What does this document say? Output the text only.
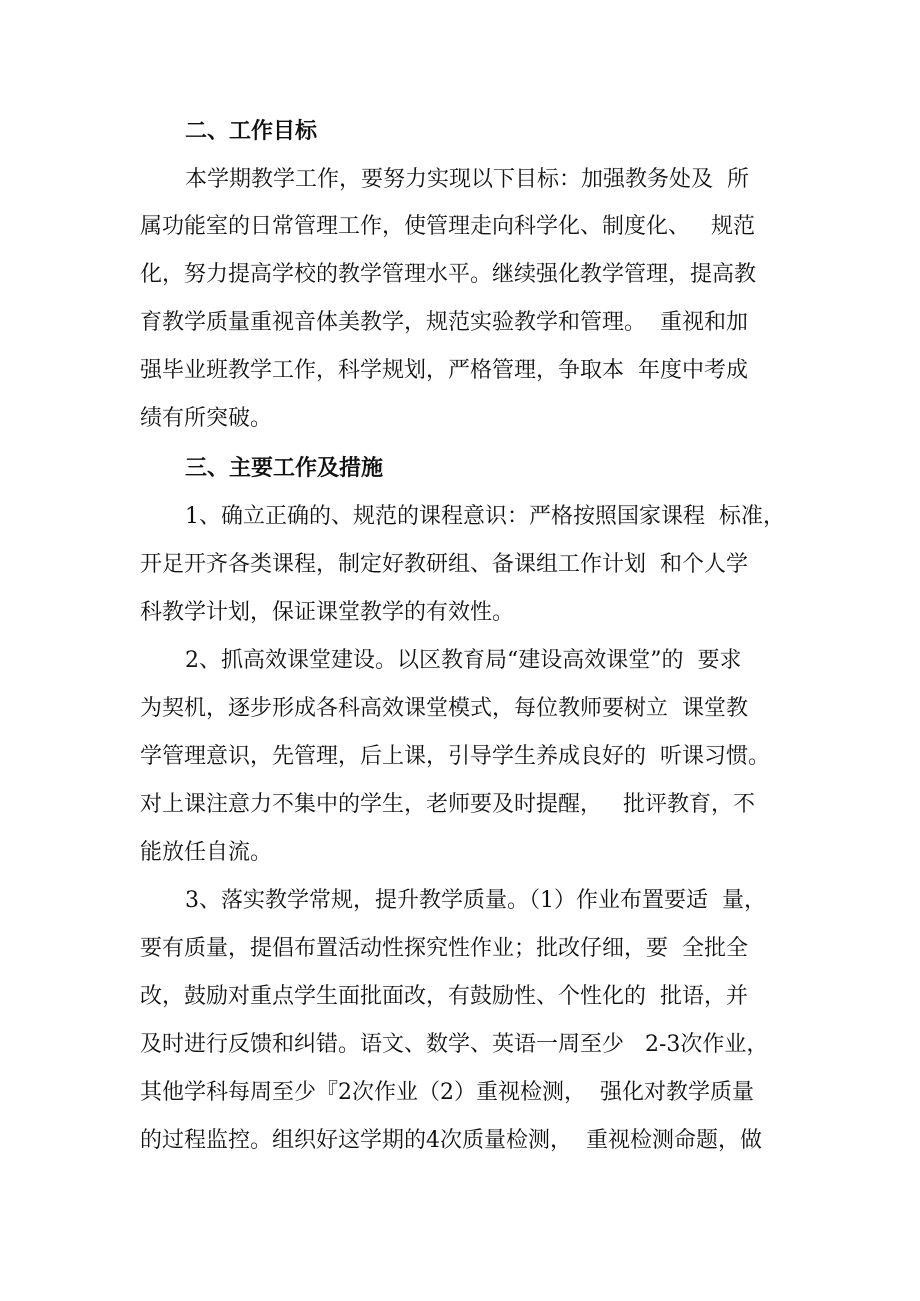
二、工作目标
本学期教学工作，要努力实现以下目标：加强教务处及  所
属功能室的日常管理工作，使管理走向科学化、制度化、   规范
化，努力提高学校的教学管理水平。继续强化教学管理，提高教
育教学质量重视音体美教学，规范实验教学和管理。  重视和加
强毕业班教学工作，科学规划，严格管理，争取本  年度中考成
绩有所突破。
三、主要工作及措施
1、确立正确的、规范的课程意识：严格按照国家课程  标准，
开足开齐各类课程，制定好教研组、备课组工作计划  和个人学
科教学计划，保证课堂教学的有效性。
2、抓高效课堂建设。以区教育局“建设高效课堂”的  要求
为契机，逐步形成各科高效课堂模式，每位教师要树立  课堂教
学管理意识，先管理，后上课，引导学生养成良好的  听课习惯。
对上课注意力不集中的学生，老师要及时提醒，   批评教育，不
能放任自流。
3、落实教学常规，提升教学质量。（1）作业布置要适  量，
要有质量，提倡布置活动性探究性作业；批改仔细，要  全批全
改，鼓励对重点学生面批面改，有鼓励性、个性化的  批语，并
及时进行反馈和纠错。语文、数学、英语一周至少   2-3次作业，
其他学科每周至少『2次作业（2）重视检测，  强化对教学质量
的过程监控。组织好这学期的4次质量检测，  重视检测命题，做
